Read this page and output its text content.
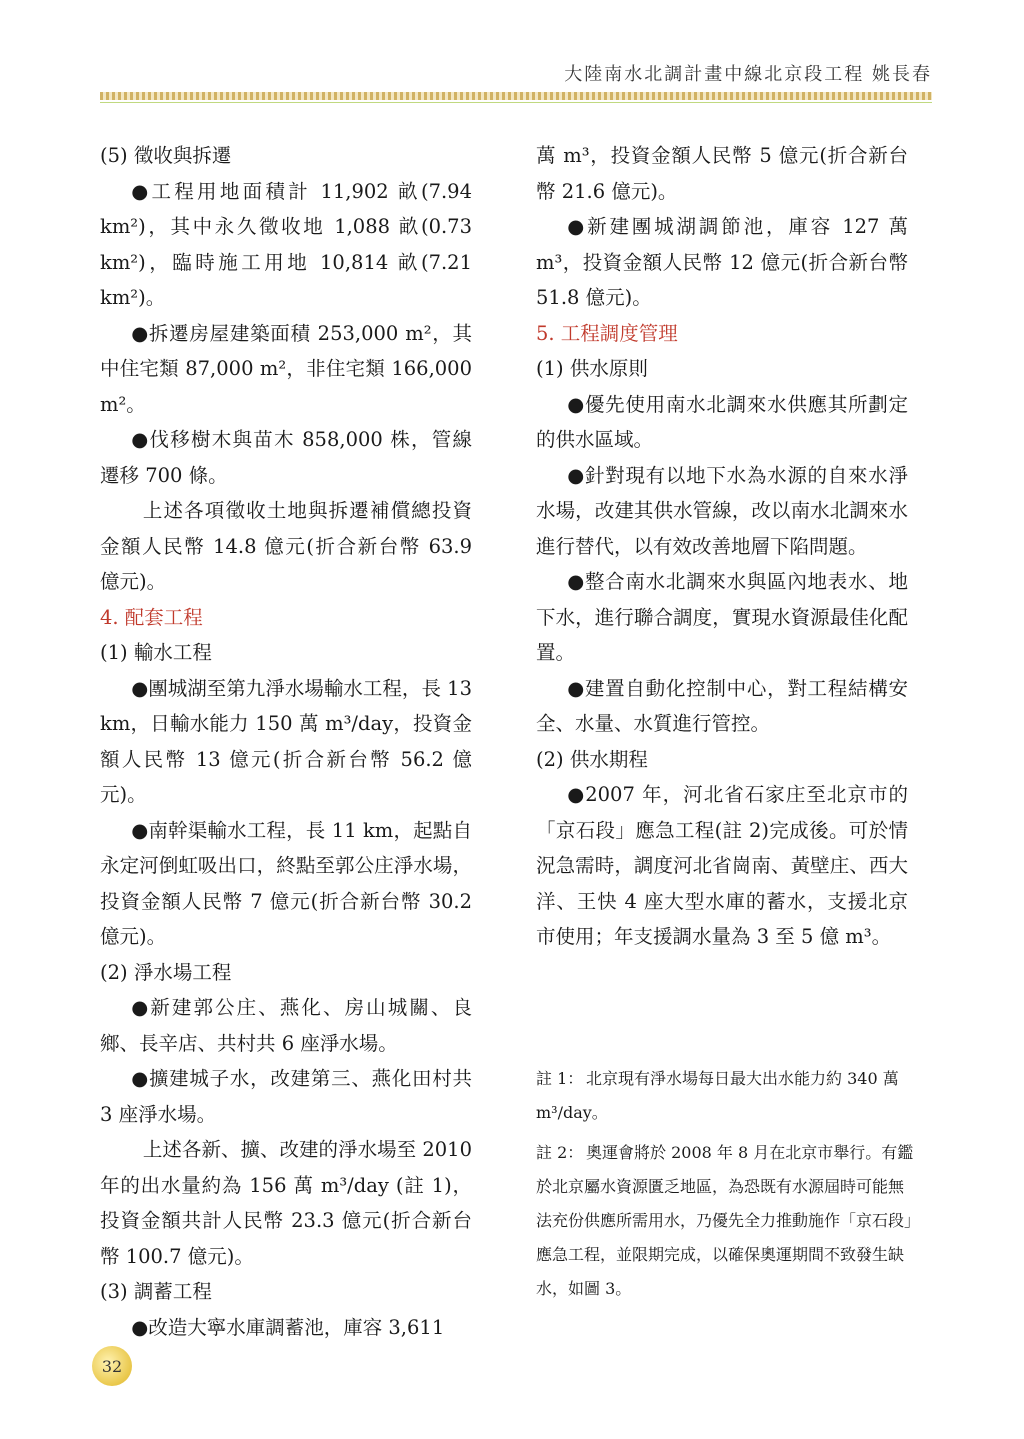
大陸南水北調計畫中線北京段工程 姚長春

(5) 徵收與拆遷

●工程用地面積計 11,902 畝(7.94 km²)，其中永久徵收地 1,088 畝(0.73 km²)，臨時施工用地 10,814 畝(7.21 km²)。

●拆遷房屋建築面積 253,000 m²，其中住宅類 87,000 m²，非住宅類 166,000 m²。

●伐移樹木與苗木 858,000 株，管線遷移 700 條。

上述各項徵收土地與拆遷補償總投資金額人民幣 14.8 億元(折合新台幣 63.9 億元)。

4. 配套工程

(1) 輸水工程

●團城湖至第九淨水場輸水工程，長 13 km，日輸水能力 150 萬 m³/day，投資金額人民幣 13 億元(折合新台幣 56.2 億元)。

●南幹渠輸水工程，長 11 km，起點自永定河倒虹吸出口，終點至郭公庄淨水場，投資金額人民幣 7 億元(折合新台幣 30.2 億元)。

(2) 淨水場工程

●新建郭公庄、燕化、房山城關、良鄉、長辛店、共村共 6 座淨水場。

●擴建城子水，改建第三、燕化田村共 3 座淨水場。

上述各新、擴、改建的淨水場至 2010 年的出水量約為 156 萬 m³/day (註 1)，投資金額共計人民幣 23.3 億元(折合新台幣 100.7 億元)。

(3) 調蓄工程

●改造大寧水庫調蓄池，庫容 3,611

萬 m³，投資金額人民幣 5 億元(折合新台幣 21.6 億元)。

●新建團城湖調節池，庫容 127 萬 m³，投資金額人民幣 12 億元(折合新台幣 51.8 億元)。

5. 工程調度管理

(1) 供水原則

●優先使用南水北調來水供應其所劃定的供水區域。

●針對現有以地下水為水源的自來水淨水場，改建其供水管線，改以南水北調來水進行替代，以有效改善地層下陷問題。

●整合南水北調來水與區內地表水、地下水，進行聯合調度，實現水資源最佳化配置。

●建置自動化控制中心，對工程結構安全、水量、水質進行管控。

(2) 供水期程

●2007 年，河北省石家庄至北京市的「京石段」應急工程(註 2)完成後。可於情況急需時，調度河北省崗南、黃壁庄、西大洋、王快 4 座大型水庫的蓄水，支援北京市使用；年支援調水量為 3 至 5 億 m³。

註 1： 北京現有淨水場每日最大出水能力約 340 萬 m³/day。

註 2： 奧運會將於 2008 年 8 月在北京市舉行。有鑑於北京屬水資源匱乏地區，為恐既有水源屆時可能無法充份供應所需用水，乃優先全力推動施作「京石段」應急工程，並限期完成，以確保奧運期間不致發生缺水，如圖 3。

32
